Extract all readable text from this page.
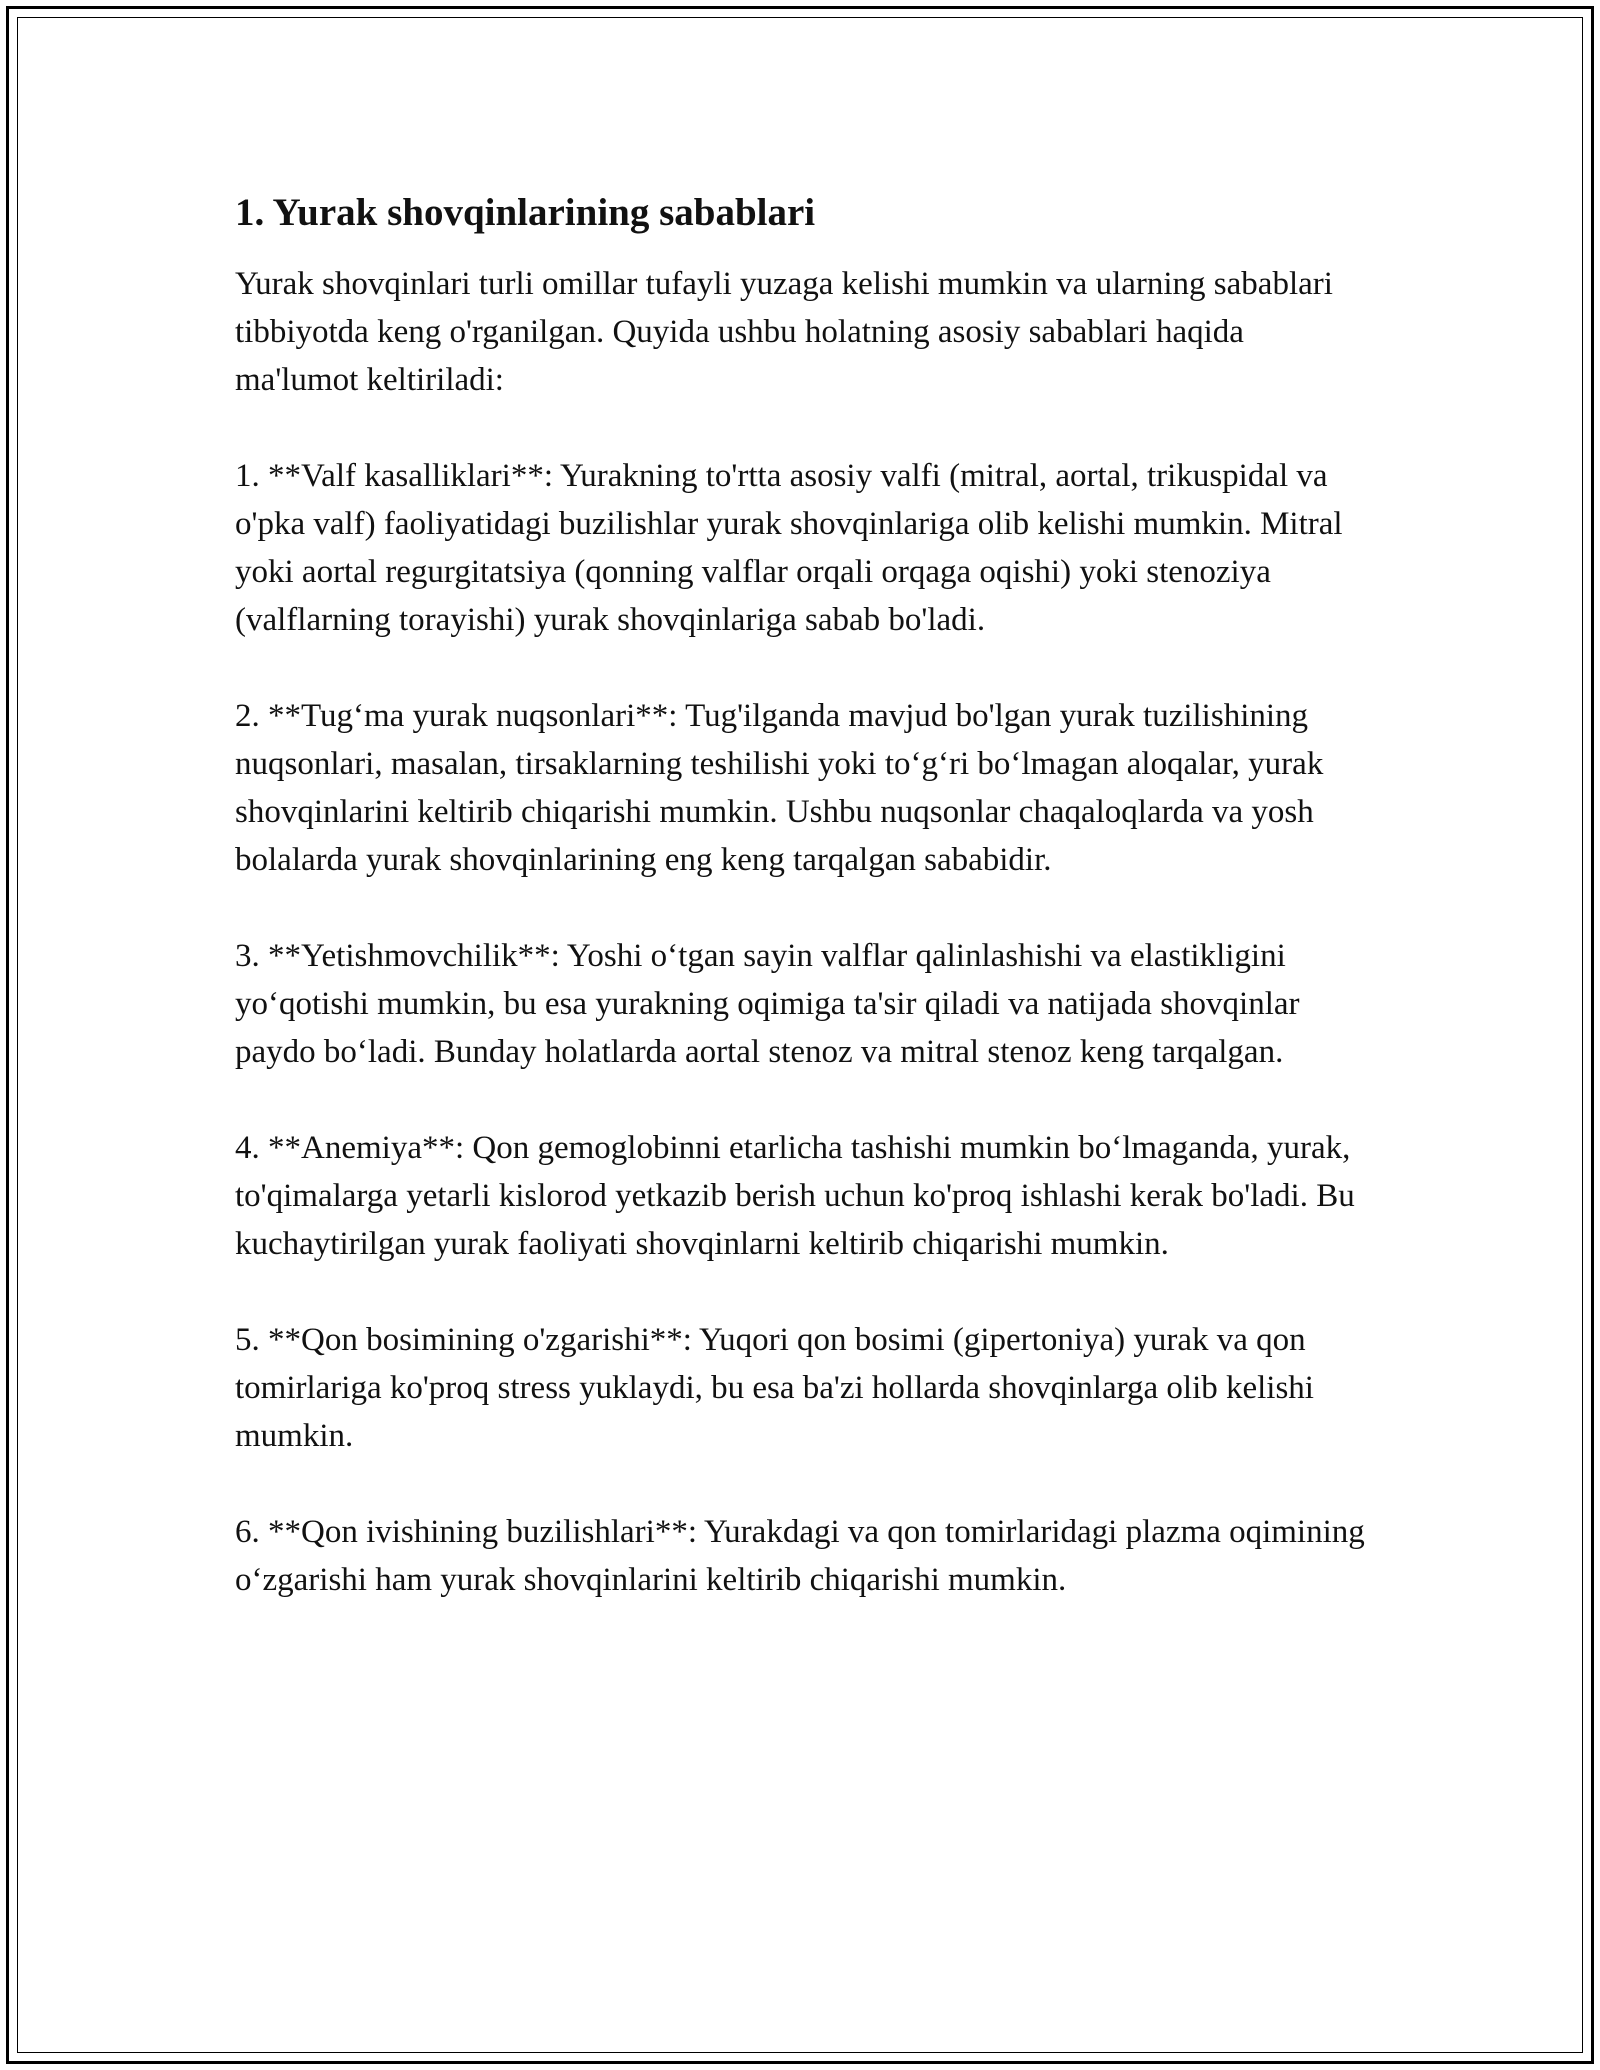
1. Yurak shovqinlarining sabablari

Yurak shovqinlari turli omillar tufayli yuzaga kelishi mumkin va ularning sabablari tibbiyotda keng o'rganilgan. Quyida ushbu holatning asosiy sabablari haqida ma'lumot keltiriladi:

1. **Valf kasalliklari**: Yurakning to'rtta asosiy valfi (mitral, aortal, trikuspidal va o'pka valf) faoliyatidagi buzilishlar yurak shovqinlariga olib kelishi mumkin. Mitral yoki aortal regurgitatsiya (qonning valflar orqali orqaga oqishi) yoki stenoziya (valflarning torayishi) yurak shovqinlariga sabab bo'ladi.

2. **Tug‘ma yurak nuqsonlari**: Tug'ilganda mavjud bo'lgan yurak tuzilishining nuqsonlari, masalan, tirsaklarning teshilishi yoki to‘g‘ri bo‘lmagan aloqalar, yurak shovqinlarini keltirib chiqarishi mumkin. Ushbu nuqsonlar chaqaloqlarda va yosh bolalarda yurak shovqinlarining eng keng tarqalgan sababidir.

3. **Yetishmovchilik**: Yoshi o‘tgan sayin valflar qalinlashishi va elastikligini yo‘qotishi mumkin, bu esa yurakning oqimiga ta'sir qiladi va natijada shovqinlar paydo bo‘ladi. Bunday holatlarda aortal stenoz va mitral stenoz keng tarqalgan.

4. **Anemiya**: Qon gemoglobinni etarlicha tashishi mumkin bo‘lmaganda, yurak, to'qimalarga yetarli kislorod yetkazib berish uchun ko'proq ishlashi kerak bo'ladi. Bu kuchaytirilgan yurak faoliyati shovqinlarni keltirib chiqarishi mumkin.

5. **Qon bosimining o'zgarishi**: Yuqori qon bosimi (gipertoniya) yurak va qon tomirlariga ko'proq stress yuklaydi, bu esa ba'zi hollarda shovqinlarga olib kelishi mumkin.

6. **Qon ivishining buzilishlari**: Yurakdagi va qon tomirlaridagi plazma oqimining o‘zgarishi ham yurak shovqinlarini keltirib chiqarishi mumkin.
